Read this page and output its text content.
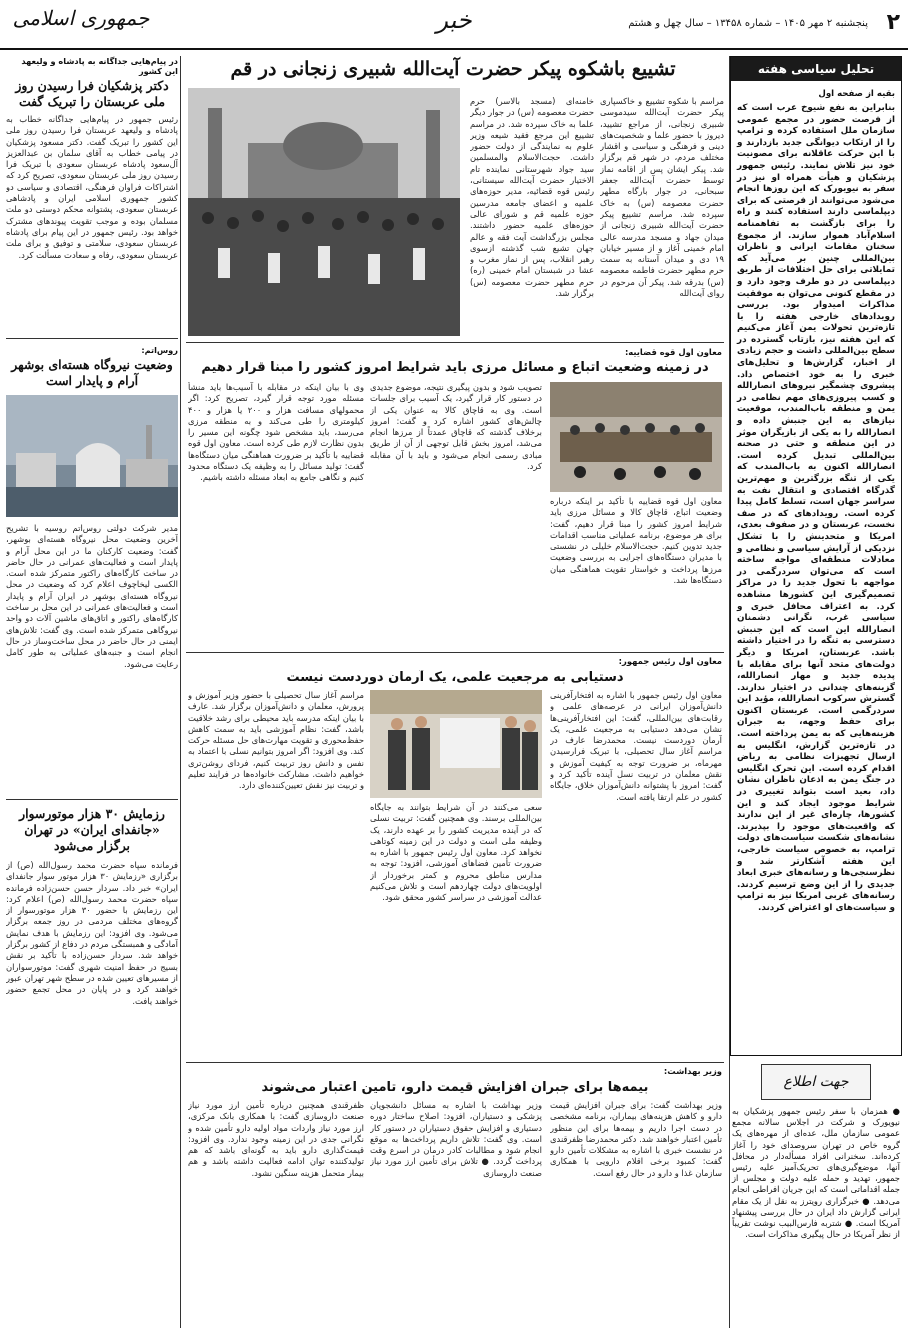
۲
پنجشنبه ۲ مهر ۱۴۰۵ – شماره ۱۳۴۵۸ – سال چهل و هشتم
خبر
جمهوری اسلامی
تحلیل سیاسی هفته
بقیه از صفحه اول
بنابراین به نفع شیوخ عرب است که از فرصت حضور در مجمع عمومی سازمان ملل استفاده کرده و ترامپ را از ارتکاب دیوانگی جدید بازدارند و با این حرکت عاقلانه برای مصونیت خود نیز تلاش نمایند. رئیس جمهور پزشکیان و هیأت همراه او نیز در سفر به نیویورک که این روزها انجام می‌شود می‌توانند از فرصتی که برای دیپلماسی دارند استفاده کنند و راه را برای بازگشت به تفاهمنامه اسلام‌آباد هموار سازند. از مجموع سخنان مقامات ایرانی و ناظران بین‌المللی چنین بر می‌آید که تمایلاتی برای حل اختلافات از طریق دیپلماسی در دو طرف وجود دارد و در مقطع کنونی می‌توان به موفقیت مذاکرات امیدوار بود. بررسی رویدادهای خارجی هفته را با تازه‌ترین تحولات یمن آغاز می‌کنیم که این هفته نیز، بازتاب گسترده در سطح بین‌المللی داشت و حجم زیادی از اخبار، گزارش‌ها و تحلیل‌های خبری را به خود اختصاص داد. پیشروی چشمگیر نیروهای انصارالله و کسب پیروزی‌های مهم نظامی در یمن و منطقه باب‌المندب، موقعیت نیازهای به این جنبش داده و انصارالله را به یکی از بازیگران موثر در این منطقه و حتی در صحنه بین‌المللی تبدیل کرده است. انصارالله اکنون به باب‌المندب که یکی از تنگه بزرگترین و مهم‌ترین گذرگاه اقتصادی و انتقال نفت به سراسر جهان است، تسلط کامل پیدا کرده است. رویدادهای که در صف نخست، عربستان و در صفوف بعدی، امریکا و متحدینش را با تشکل نزدیکی از آرایش سیاسی و نظامی و معادلات منطقه‌ای مواجه ساخته است که می‌توان سردرگمی در مواجهه با تحول جدید را در مراکز تصمیم‌گیری این کشورها مشاهده کرد. به اعتراف محافل خبری و سیاسی غرب، نگرانی دشمنان انصارالله این است که این جنبش دسترسی به تنگه را در اختیار داشته باشد. عربستان، امریکا و دیگر دولت‌های متحد آنها برای مقابله با پدیده جدید و مهار انصارالله، گزینه‌های چندانی در اختیار ندارند. گسترش سرکوب انصارالله، مؤید این سردرگمی است. عربستان اکنون برای حفظ وجهه، به جبران هزینه‌هایی که به یمن پرداخته است. در تازه‌ترین گزارش، انگلیس به ارسال تجهیزات نظامی به ریاض اقدام کرده است. این تحرک انگلیس در جنگ یمن به اذعان ناظران نشان داد، بعید است بتواند تغییری در شرایط موجود ایجاد کند و این کشورها، چاره‌ای غیر از این ندارند که واقعیت‌های موجود را بپذیرند. نشانه‌های شکست سیاست‌های دولت ترامپ، به خصوص سیاست خارجی، این هفته آشکارتر شد و نظرسنجی‌ها و رسانه‌های خبری ابعاد جدیدی را از این وضع ترسیم کردند. رسانه‌های غربی امریکا نیز به ترامپ و سیاست‌های او اعتراض کردند.
جهت اطلاع
● همزمان با سفر رئیس جمهور پزشکیان به نیویورک و شرکت در اجلاس سالانه مجمع عمومی سازمان ملل، عده‌ای از مهره‌های یک گروه خاص در تهران سروصدای خود را آغاز کرده‌اند. سخنرانی افراد مسأله‌دار در محافل آنها، موضع‌گیری‌های تحریک‌آمیز علیه رئیس جمهور، تهدید و حمله علیه دولت و مجلس از جمله اقداماتی است که این جریان افراطی انجام می‌دهد. ● خبرگزاری رویترز به نقل از یک مقام ایرانی گزارش داد ایران در حال بررسی پیشنهاد آمریکا است. ● شتربه فارس‌البیب نوشت تقریباً از نظر آمریکا در حال پیگیری مذاکرات است.
تشییع باشکوه پیکر حضرت آیت‌الله شبیری زنجانی در قم
مراسم با شکوه تشییع و خاکسپاری پیکر حضرت آیت‌الله سیدموسی شبیری زنجانی، از مراجع تشیید، دیروز با حضور علما و شخصیت‌های دینی و فرهنگی و سیاسی و اقشار مختلف مردم، در شهر قم برگزار شد. پیکر ایشان پس از اقامه نماز توسط حضرت آیت‌الله جعفر سبحانی، در جوار بارگاه مطهر حضرت معصومه (س) به خاک سپرده شد. مراسم تشییع پیکر حضرت آیت‌الله شبیری زنجانی از میدان جهاد و مسجد مدرسه عالی امام خمینی آغاز و از مسیر خیابان ۱۹ دی و میدان آستانه به سمت حرم مطهر حضرت فاطمه معصومه (س) بدرقه شد. پیکر آن مرحوم در روای آیت‌الله
خامنه‌ای (مسجد بالاسر) حرم حضرت معصومه (س) در جوار دیگر علما به خاک سپرده شد. در مراسم تشییع این مرجع فقید شیعه وزیر علوم به نمایندگی از دولت حضور داشت. حجت‌الاسلام والمسلمین سید جواد شهرستانی نماینده تام الاختیار حضرت آیت‌الله سیستانی، رئیس قوه قضائیه، مدیر حوزه‌های علمیه و اعضای جامعه مدرسین حوزه علمیه قم و شورای عالی حوزه‌های علمیه حضور داشتند. مجلس بزرگداشت آیت فقه و عالم جهان تشیع شب گذشته ازسوی رهبر انقلاب، پس از نماز مغرب و عشا در شبستان امام خمینی (ره) حرم مطهر حضرت معصومه (س) برگزار شد.
معاون اول قوه قضاییه:
در زمینه وضعیت اتباع و مسائل مرزی باید شرایط امروز کشور را مبنا قرار دهیم
معاون اول قوه قضاییه با تأکید بر اینکه درباره وضعیت اتباع، قاچاق کالا و مسائل مرزی باید شرایط امروز کشور را مبنا قرار دهیم، گفت: برای هر موضوع، برنامه عملیاتی مناسب اقدامات جدید تدوین کنیم. حجت‌الاسلام خلیلی در نشستی با مدیران دستگاه‌های اجرایی به بررسی وضعیت مرزها پرداخت و خواستار تقویت هماهنگی میان دستگاه‌ها شد.
تصویب شود و بدون پیگیری نتیجه، موضوع جدیدی در دستور کار قرار گیرد، یک آسیب برای جلسات است. وی به قاچاق کالا به عنوان یکی از چالش‌های کشور اشاره کرد و گفت: امروز برخلاف گذشته که قاچاق عمدتاً از مرزها انجام می‌شد، امروز بخش قابل توجهی از آن از طریق مبادی رسمی انجام می‌شود و باید با آن مقابله کرد.
وی با بیان اینکه در مقابله با آسیب‌ها باید منشأ مسئله مورد توجه قرار گیرد، تصریح کرد: اگر محمولهای مسافت هزار و ۲۰۰ یا هزار و ۴۰۰ کیلومتری را طی می‌کند و به منطقه مرزی می‌رسد، باید مشخص شود چگونه این مسیر را بدون نظارت لازم طی کرده است. معاون اول قوه قضاییه با تأکید بر ضرورت هماهنگی میان دستگاه‌ها گفت: تولید مسائل را به وظیفه یک دستگاه محدود کنیم و نگاهی جامع به ابعاد مسئله داشته باشیم.
معاون اول رئیس جمهور:
دستیابی به مرجعیت علمی، یک آرمان دوردست نیست
معاون اول رئیس جمهور با اشاره به افتخارآفرینی دانش‌آموزان ایرانی در عرصه‌های علمی و رقابت‌های بین‌المللی، گفت: این افتخارآفرینی‌ها نشان می‌دهد دستیابی به مرجعیت علمی، یک آرمان دوردست نیست. محمدرضا عارف در مراسم آغاز سال تحصیلی، با تبریک فرارسیدن مهرماه، بر ضرورت توجه به کیفیت آموزش و نقش معلمان در تربیت نسل آینده تأکید کرد و گفت: امروز با پشتوانه دانش‌آموزان خلاق، جایگاه کشور در علم ارتقا یافته است.
سعی می‌کنند در آن شرایط بتوانند به جایگاه بین‌المللی برسند. وی همچنین گفت: تربیت نسلی که در آینده مدیریت کشور را بر عهده دارند، یک وظیفه ملی است و دولت در این زمینه کوتاهی نخواهد کرد. معاون اول رئیس جمهور با اشاره به ضرورت تأمین فضاهای آموزشی، افزود: توجه به مدارس مناطق محروم و کمتر برخوردار از اولویت‌های دولت چهاردهم است و تلاش می‌کنیم عدالت آموزشی در سراسر کشور محقق شود.
مراسم آغاز سال تحصیلی با حضور وزیر آموزش و پرورش، معلمان و دانش‌آموزان برگزار شد. عارف با بیان اینکه مدرسه باید محیطی برای رشد خلاقیت باشد، گفت: نظام آموزشی باید به سمت کاهش حفظ‌محوری و تقویت مهارت‌های حل مسئله حرکت کند. وی افزود: اگر امروز بتوانیم نسلی با اعتماد به نفس و دانش روز تربیت کنیم، فردای روشن‌تری خواهیم داشت. مشارکت خانواده‌ها در فرایند تعلیم و تربیت نیز نقش تعیین‌کننده‌ای دارد.
وزیر بهداشت:
بیمه‌ها برای جبران افزایش قیمت دارو، تامین اعتبار می‌شوند
وزیر بهداشت گفت: برای جبران افزایش قیمت دارو و کاهش هزینه‌های بیماران، برنامه مشخصی در دست اجرا داریم و بیمه‌ها برای این منظور تأمین اعتبار خواهند شد. دکتر محمدرضا ظفرقندی در نشست خبری با اشاره به مشکلات تأمین دارو گفت: کمبود برخی اقلام دارویی با همکاری سازمان غذا و دارو در حال رفع است.
وزیر بهداشت با اشاره به مسائل دانشجویان پزشکی و دستیاران، افزود: اصلاح ساختار دوره دستیاری و افزایش حقوق دستیاران در دستور کار است. وی گفت: تلاش داریم پرداخت‌ها به موقع انجام شود و مطالبات کادر درمان در اسرع وقت پرداخت گردد. ● تلاش برای تأمین ارز مورد نیاز صنعت داروسازی
ظفرقندی همچنین درباره تأمین ارز مورد نیاز صنعت داروسازی گفت: با همکاری بانک مرکزی، ارز مورد نیاز واردات مواد اولیه دارو تأمین شده و نگرانی جدی در این زمینه وجود ندارد. وی افزود: قیمت‌گذاری دارو باید به گونه‌ای باشد که هم تولیدکننده توان ادامه فعالیت داشته باشد و هم بیمار متحمل هزینه سنگین نشود.
در پیام‌هایی جداگانه به پادشاه و ولیعهد این کشور
دکتر پزشکیان فرا رسیدن روز ملی عربستان را تبریک گفت
رئیس جمهور در پیام‌هایی جداگانه خطاب به پادشاه و ولیعهد عربستان فرا رسیدن روز ملی این کشور را تبریک گفت. دکتر مسعود پزشکیان در پیامی خطاب به آقای سلمان بن عبدالعزیز آل‌سعود پادشاه عربستان سعودی با تبریک فرا رسیدن روز ملی عربستان سعودی، تصریح کرد که اشتراکات فراوان فرهنگی، اقتصادی و سیاسی دو کشور جمهوری اسلامی ایران و پادشاهی عربستان سعودی، پشتوانه محکم دوستی دو ملت مسلمان بوده و موجب تقویت پیوندهای مشترک خواهد بود. رئیس جمهور در این پیام برای پادشاه عربستان سعودی، سلامتی و توفیق و برای ملت عربستان سعودی، رفاه و سعادت مسألت کرد.
روس‌اتم:
وضعیت نیروگاه هسته‌ای بوشهر آرام و پایدار است
مدیر شرکت دولتی روس‌اتم روسیه با تشریح آخرین وضعیت محل نیروگاه هسته‌ای بوشهر، گفت: وضعیت کارکنان ما در این محل آرام و پایدار است و فعالیت‌های عمرانی در حال حاضر در ساخت کارگاه‌های راکتور متمرکز شده است. الکسی لیخاچوف اعلام کرد که وضعیت در محل نیروگاه هسته‌ای بوشهر در ایران آرام و پایدار است و فعالیت‌های عمرانی در این محل بر ساخت کارگاه‌های راکتور و اتاق‌های ماشین آلات دو واحد نیروگاهی متمرکز شده است. وی گفت: تلاش‌های ایمنی در حال حاضر در محل ساخت‌وساز در حال انجام است و جنبه‌های عملیاتی به طور کامل رعایت می‌شود.
رزمایش ۳۰ هزار موتورسوار «جانفدای ایران» در تهران برگزار می‌شود
فرمانده سپاه حضرت محمد رسول‌الله (ص) از برگزاری «رزمایش ۳۰ هزار موتور سوار جانفدای ایران» خبر داد. سردار حسن حسن‌زاده فرمانده سپاه حضرت محمد رسول‌الله (ص) اعلام کرد: این رزمایش با حضور ۳۰ هزار موتورسوار از گروه‌های مختلف مردمی در روز جمعه برگزار می‌شود. وی افزود: این رزمایش با هدف نمایش آمادگی و همبستگی مردم در دفاع از کشور برگزار خواهد شد. سردار حسن‌زاده با تأکید بر نقش بسیج در حفظ امنیت شهری گفت: موتورسواران از مسیرهای تعیین شده در سطح شهر تهران عبور خواهند کرد و در پایان در محل تجمع حضور خواهند یافت.
